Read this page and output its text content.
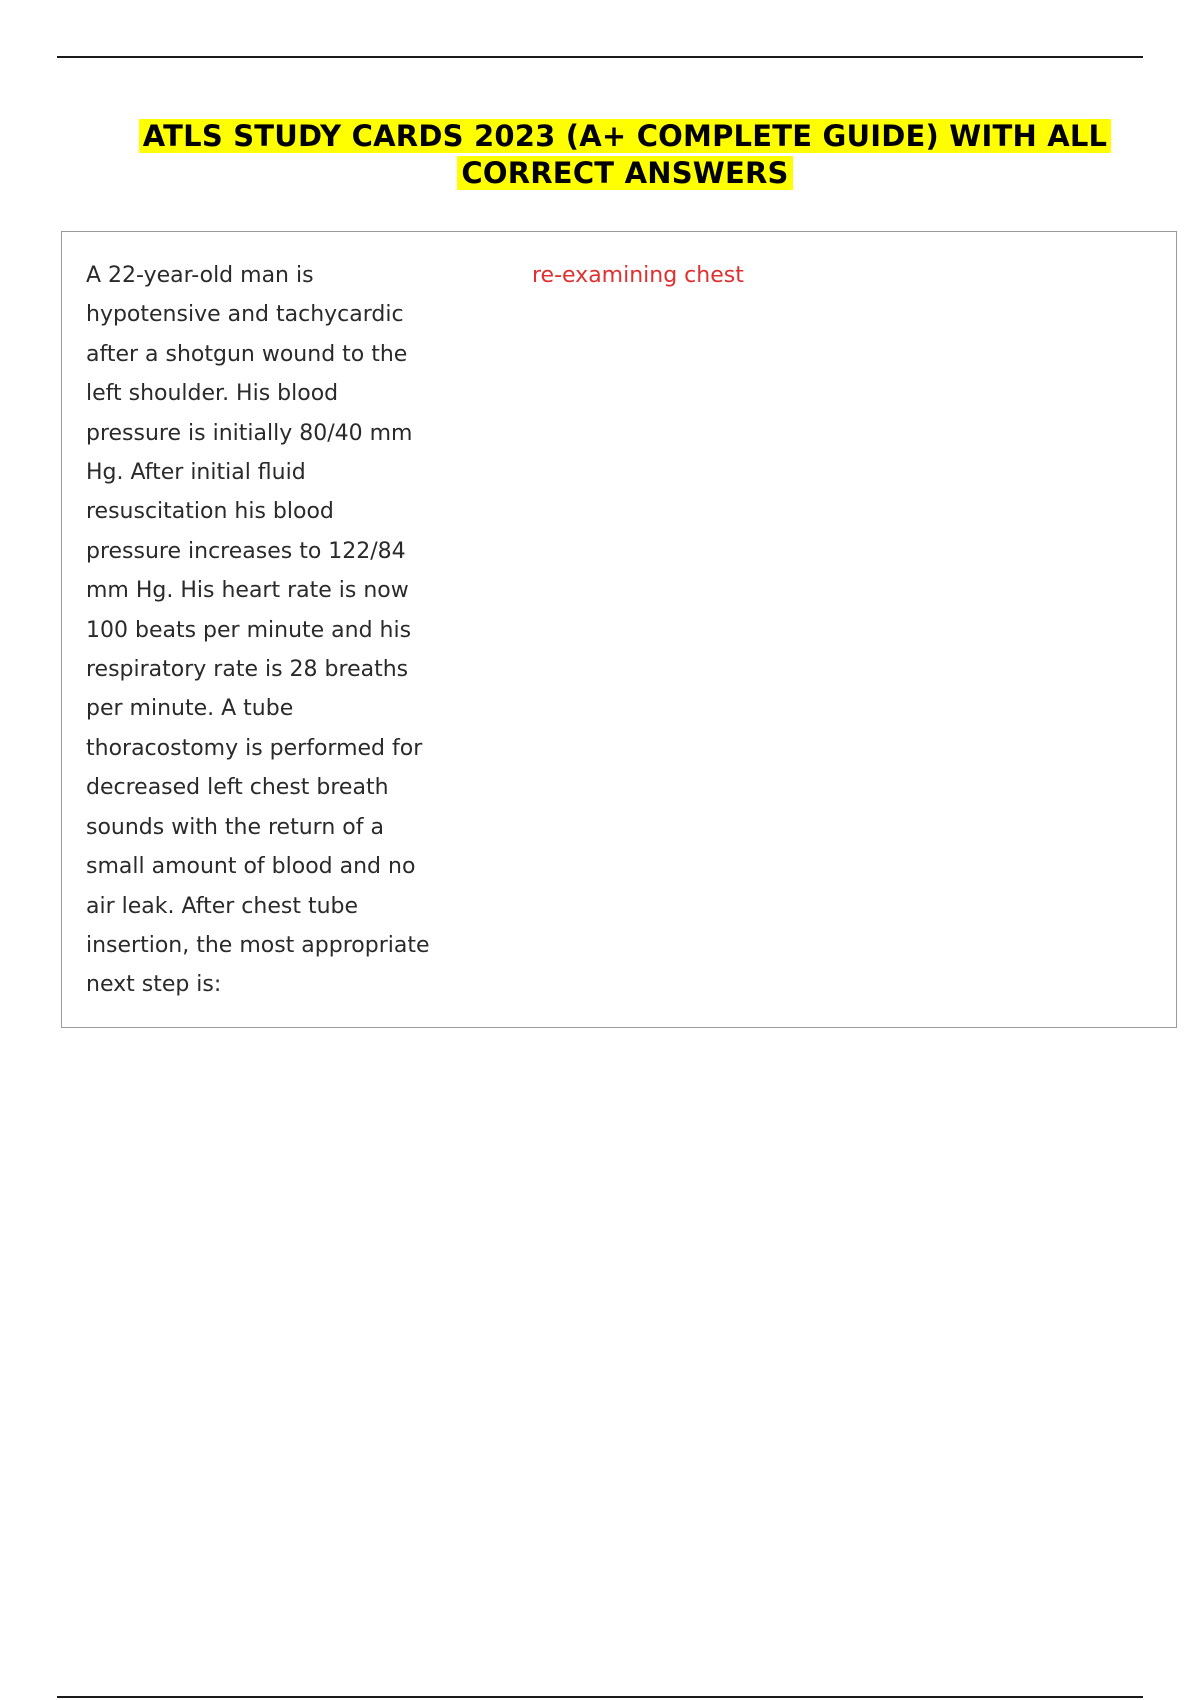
ATLS STUDY CARDS 2023 (A+ COMPLETE GUIDE) WITH ALL CORRECT ANSWERS
A 22-year-old man is
hypotensive and tachycardic
after a shotgun wound to the
left shoulder. His blood
pressure is initially 80/40 mm
Hg. After initial fluid
resuscitation his blood
pressure increases to 122/84
mm Hg. His heart rate is now
100 beats per minute and his
respiratory rate is 28 breaths
per minute. A tube
thoracostomy is performed for
decreased left chest breath
sounds with the return of a
small amount of blood and no
air leak. After chest tube
insertion, the most appropriate
next step is:
re-examining chest
